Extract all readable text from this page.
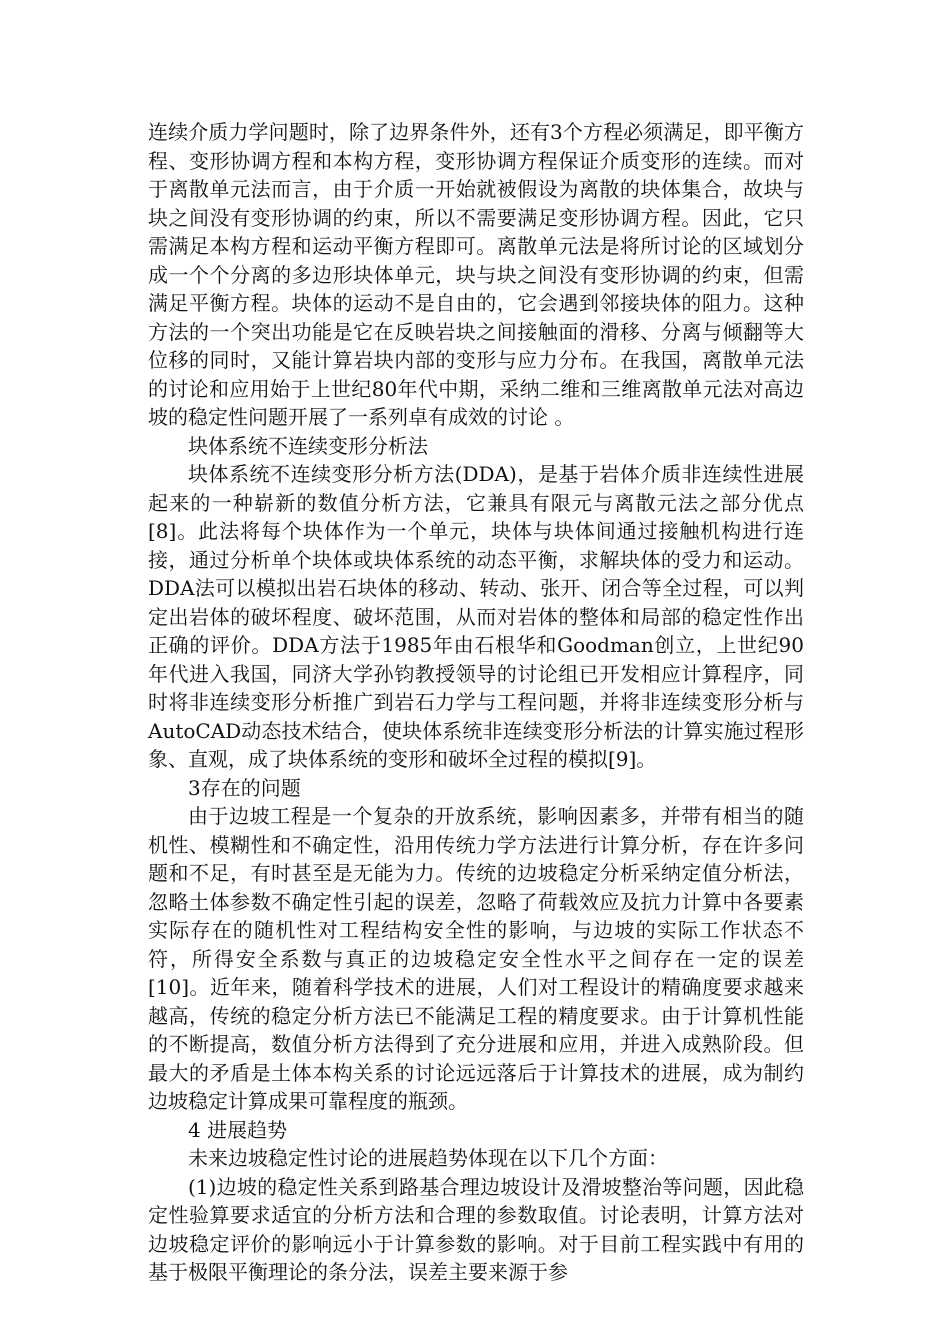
连续介质力学问题时，除了边界条件外，还有3个方程必须满足，即平衡方程、变形协调方程和本构方程，变形协调方程保证介质变形的连续。而对于离散单元法而言，由于介质一开始就被假设为离散的块体集合，故块与块之间没有变形协调的约束，所以不需要满足变形协调方程。因此，它只需满足本构方程和运动平衡方程即可。离散单元法是将所讨论的区域划分成一个个分离的多边形块体单元，块与块之间没有变形协调的约束，但需满足平衡方程。块体的运动不是自由的，它会遇到邻接块体的阻力。这种方法的一个突出功能是它在反映岩块之间接触面的滑移、分离与倾翻等大位移的同时，又能计算岩块内部的变形与应力分布。在我国，离散单元法的讨论和应用始于上世纪80年代中期，采纳二维和三维离散单元法对高边坡的稳定性问题开展了一系列卓有成效的讨论 。

块体系统不连续变形分析法

块体系统不连续变形分析方法(DDA)，是基于岩体介质非连续性进展起来的一种崭新的数值分析方法，它兼具有限元与离散元法之部分优点[8]。此法将每个块体作为一个单元，块体与块体间通过接触机构进行连接，通过分析单个块体或块体系统的动态平衡，求解块体的受力和运动。DDA法可以模拟出岩石块体的移动、转动、张开、闭合等全过程，可以判定出岩体的破坏程度、破坏范围，从而对岩体的整体和局部的稳定性作出正确的评价。DDA方法于1985年由石根华和Goodman创立，上世纪90年代进入我国，同济大学孙钧教授领导的讨论组已开发相应计算程序，同时将非连续变形分析推广到岩石力学与工程问题，并将非连续变形分析与AutoCAD动态技术结合，使块体系统非连续变形分析法的计算实施过程形象、直观，成了块体系统的变形和破坏全过程的模拟[9]。

3存在的问题

由于边坡工程是一个复杂的开放系统，影响因素多，并带有相当的随机性、模糊性和不确定性，沿用传统力学方法进行计算分析，存在许多问题和不足，有时甚至是无能为力。传统的边坡稳定分析采纳定值分析法，忽略土体参数不确定性引起的误差，忽略了荷载效应及抗力计算中各要素实际存在的随机性对工程结构安全性的影响，与边坡的实际工作状态不符，所得安全系数与真正的边坡稳定安全性水平之间存在一定的误差[10]。近年来，随着科学技术的进展，人们对工程设计的精确度要求越来越高，传统的稳定分析方法已不能满足工程的精度要求。由于计算机性能的不断提高，数值分析方法得到了充分进展和应用，并进入成熟阶段。但最大的矛盾是土体本构关系的讨论远远落后于计算技术的进展，成为制约边坡稳定计算成果可靠程度的瓶颈。

4 进展趋势

未来边坡稳定性讨论的进展趋势体现在以下几个方面：

(1)边坡的稳定性关系到路基合理边坡设计及滑坡整治等问题，因此稳定性验算要求适宜的分析方法和合理的参数取值。讨论表明，计算方法对边坡稳定评价的影响远小于计算参数的影响。对于目前工程实践中有用的基于极限平衡理论的条分法，误差主要来源于参
